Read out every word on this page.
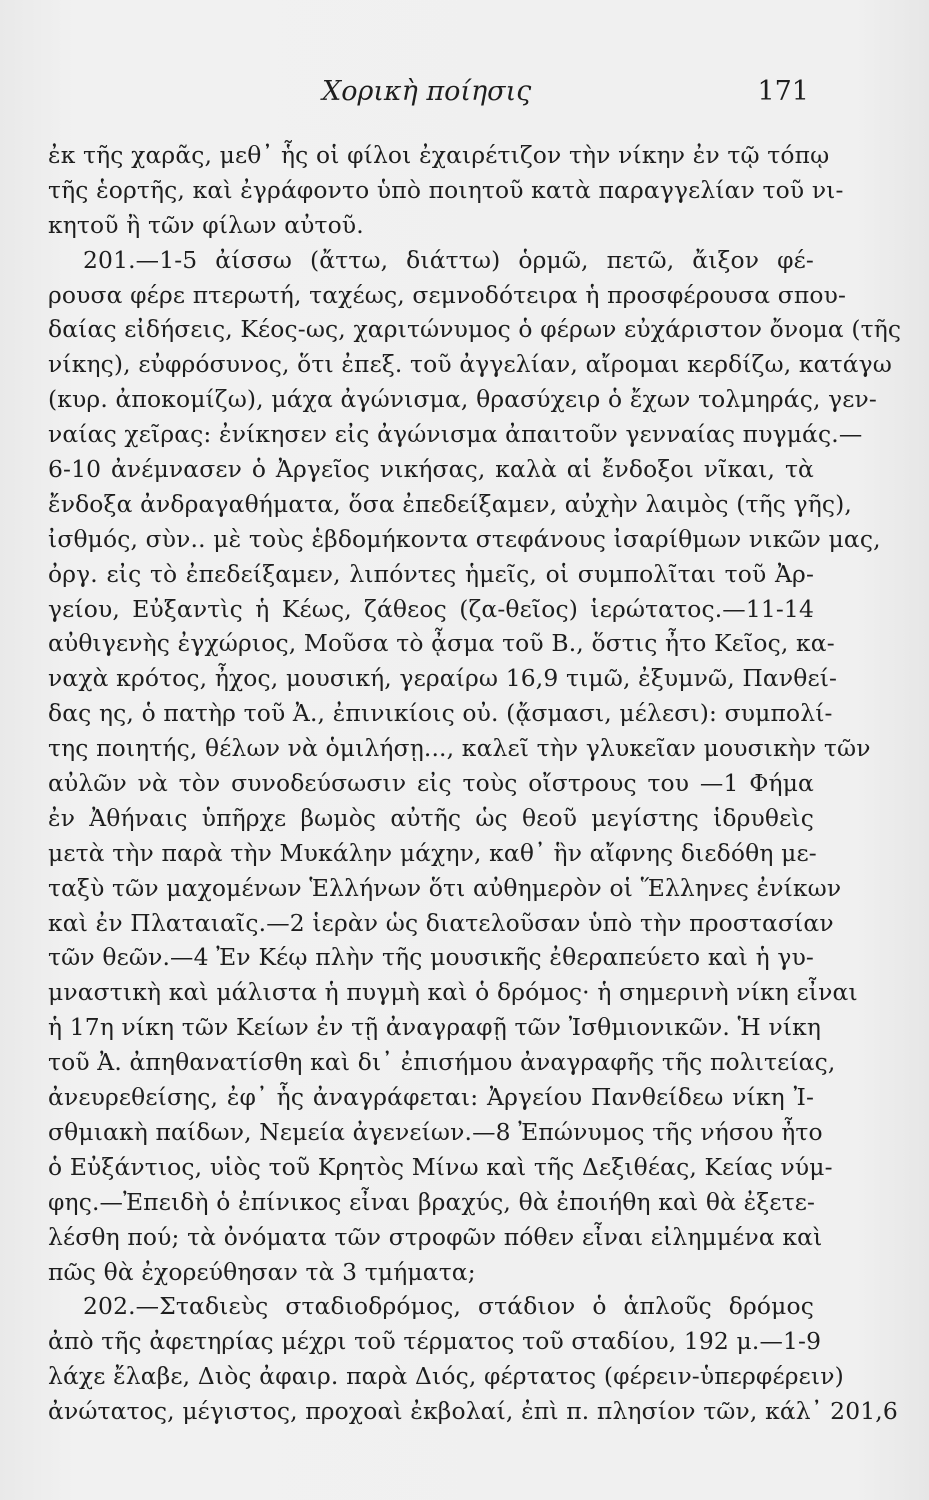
Χορικὴ ποίησις	171
ἐκ τῆς χαρᾶς, μεθ᾽ ἧς οἱ φίλοι ἐχαιρέτιζον τὴν νίκην ἐν τῷ τόπῳ
τῆς ἑορτῆς, καὶ ἐγράφοντο ὑπὸ ποιητοῦ κατὰ παραγγελίαν τοῦ νι-
κητοῦ ἢ τῶν φίλων αὐτοῦ.
201.—1-5 ἀίσσω (ἄττω, διάττω) ὁρμῶ, πετῶ, ἄιξον φέ-
ρουσα φέρε πτερωτή, ταχέως, σεμνοδότειρα ἡ προσφέρουσα σπου-
δαίας εἰδήσεις, Κέος-ως, χαριτώνυμος ὁ φέρων εὐχάριστον ὄνομα (τῆς
νίκης), εὐφρόσυνος, ὅτι ἐπεξ. τοῦ ἀγγελίαν, αἴρομαι κερδίζω, κατάγω
(κυρ. ἀποκομίζω), μάχα ἀγώνισμα, θρασύχειρ ὁ ἔχων τολμηράς, γεν-
ναίας χεῖρας: ἐνίκησεν εἰς ἀγώνισμα ἀπαιτοῦν γενναίας πυγμάς.—
6-10 ἀνέμνασεν ὁ Ἀργεῖος νικήσας, καλὰ αἱ ἔνδοξοι νῖκαι, τὰ
ἔνδοξα ἀνδραγαθήματα, ὅσα ἐπεδείξαμεν, αὐχὴν λαιμὸς (τῆς γῆς),
ἰσθμός, σὺν.. μὲ τοὺς ἑβδομήκοντα στεφάνους ἰσαρίθμων νικῶν μας,
ὀργ. εἰς τὸ ἐπεδείξαμεν, λιπόντες ἡμεῖς, οἱ συμπολῖται τοῦ Ἀρ-
γείου, Εὐξαντὶς ἡ Κέως, ζάθεος (ζα-θεῖος) ἱερώτατος.—11-14
αὐθιγενὴς ἐγχώριος, Μοῦσα τὸ ᾆσμα τοῦ Β., ὅστις ἦτο Κεῖος, κα-
ναχὰ κρότος, ἦχος, μουσική, γεραίρω 16,9 τιμῶ, ἐξυμνῶ, Πανθεί-
δας ης, ὁ πατὴρ τοῦ Ἀ., ἐπινικίοις οὐ. (ᾄσμασι, μέλεσι): συμπολί-
της ποιητής, θέλων νὰ ὁμιλήσῃ..., καλεῖ τὴν γλυκεῖαν μουσικὴν τῶν
αὐλῶν νὰ τὸν συνοδεύσωσιν εἰς τοὺς οἴστρους του —1 Φήμα
ἐν Ἀθήναις ὑπῆρχε βωμὸς αὐτῆς ὡς θεοῦ μεγίστης ἱδρυθεὶς
μετὰ τὴν παρὰ τὴν Μυκάλην μάχην, καθ᾽ ἣν αἴφνης διεδόθη με-
ταξὺ τῶν μαχομένων Ἑλλήνων ὅτι αὐθημερὸν οἱ Ἕλληνες ἐνίκων
καὶ ἐν Πλαταιαῖς.—2 ἱερὰν ὡς διατελοῦσαν ὑπὸ τὴν προστασίαν
τῶν θεῶν.—4 Ἐν Κέῳ πλὴν τῆς μουσικῆς ἐθεραπεύετο καὶ ἡ γυ-
μναστικὴ καὶ μάλιστα ἡ πυγμὴ καὶ ὁ δρόμος· ἡ σημερινὴ νίκη εἶναι
ἡ 17η νίκη τῶν Κείων ἐν τῇ ἀναγραφῇ τῶν Ἰσθμιονικῶν. Ἡ νίκη
τοῦ Ἀ. ἀπηθανατίσθη καὶ δι᾽ ἐπισήμου ἀναγραφῆς τῆς πολιτείας,
ἀνευρεθείσης, ἐφ᾽ ἧς ἀναγράφεται: Ἀργείου Πανθείδεω νίκη Ἰ-
σθμιακὴ παίδων, Νεμεία ἀγενείων.—8 Ἐπώνυμος τῆς νήσου ἦτο
ὁ Εὐξάντιος, υἱὸς τοῦ Κρητὸς Μίνω καὶ τῆς Δεξιθέας, Κείας νύμ-
φης.—Ἐπειδὴ ὁ ἐπίνικος εἶναι βραχύς, θὰ ἐποιήθη καὶ θὰ ἐξετε-
λέσθη πού; τὰ ὀνόματα τῶν στροφῶν πόθεν εἶναι εἰλημμένα καὶ
πῶς θὰ ἐχορεύθησαν τὰ 3 τμήματα;
202.—Σταδιεὺς σταδιοδρόμος, στάδιον ὁ ἁπλοῦς δρόμος
ἀπὸ τῆς ἀφετηρίας μέχρι τοῦ τέρματος τοῦ σταδίου, 192 μ.—1-9
λάχε ἔλαβε, Διὸς ἀφαιρ. παρὰ Διός, φέρτατος (φέρειν-ὑπερφέρειν)
ἀνώτατος, μέγιστος, προχοαὶ ἐκβολαί, ἐπὶ π. πλησίον τῶν, κάλ᾽ 201,6
